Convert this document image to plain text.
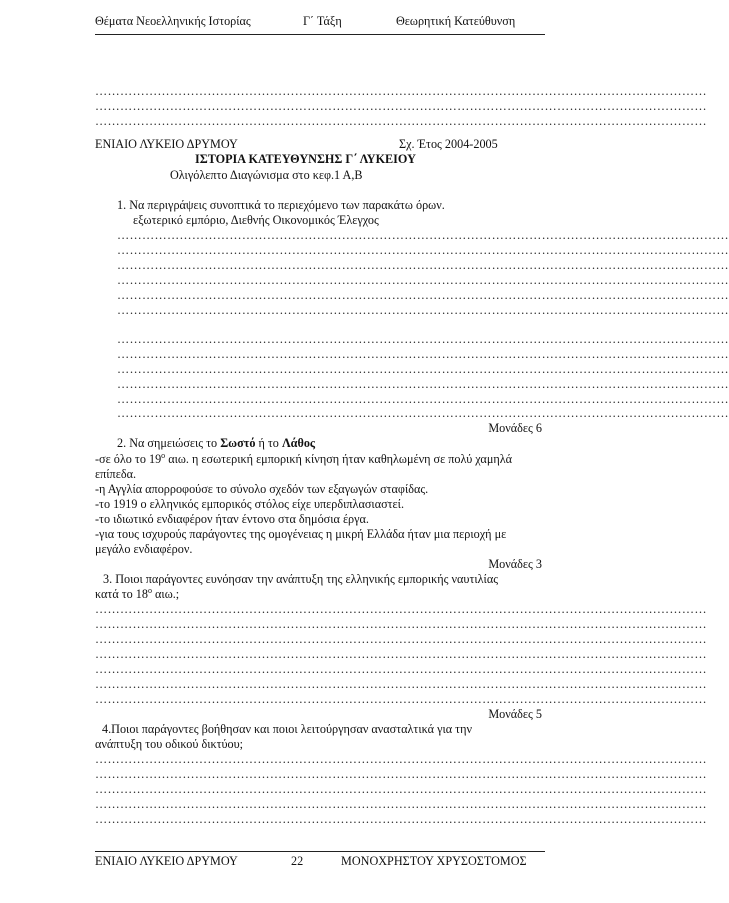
Θέματα Νεοελληνικής Ιστορίας	Γ΄ Τάξη	Θεωρητική Κατεύθυνση
…………………………………………………………………………………………………………………………………
…………………………………………………………………………………………………………………………………
…………………………………………………………………………………………………………………………………
ΕΝΙΑΙΟ ΛΥΚΕΙΟ ΔΡΥΜΟΥ	Σχ. Έτος 2004-2005
ΙΣΤΟΡΙΑ ΚΑΤΕΥΘΥΝΣΗΣ Γ΄ ΛΥΚΕΙΟΥ
Ολιγόλεπτο Διαγώνισμα στο κεφ.1 Α,Β
1. Να περιγράψεις συνοπτικά το περιεχόμενο των παρακάτω όρων.
εξωτερικό εμπόριο, Διεθνής Οικονομικός Έλεγχος
…………………………………………………………………………………………………………………………………
…………………………………………………………………………………………………………………………………
…………………………………………………………………………………………………………………………………
…………………………………………………………………………………………………………………………………
…………………………………………………………………………………………………………………………………
…………………………………………………………………………………………………………………………………
…………………………………………………………………………………………………………………………………
…………………………………………………………………………………………………………………………………
…………………………………………………………………………………………………………………………………
…………………………………………………………………………………………………………………………………
…………………………………………………………………………………………………………………………………
…………………………………………………………………………………………………………………………………
Μονάδες 6
2. Να σημειώσεις το Σωστό ή το Λάθος
-σε όλο το $19^o$ αιω. η εσωτερική εμπορική κίνηση ήταν καθηλωμένη σε πολύ χαμηλά
επίπεδα.
-η Αγγλία απορροφούσε το σύνολο σχεδόν των εξαγωγών σταφίδας.
-το 1919 ο ελληνικός εμπορικός στόλος είχε υπερδιπλασιαστεί.
-το ιδιωτικό ενδιαφέρον ήταν έντονο στα δημόσια έργα.
-για τους ισχυρούς παράγοντες της ομογένειας η μικρή Ελλάδα ήταν μια περιοχή με
μεγάλο ενδιαφέρον.
Μονάδες 3
3. Ποιοι παράγοντες ευνόησαν την ανάπτυξη της ελληνικής εμπορικής ναυτιλίας
κατά το $18^o$ αιω.;
…………………………………………………………………………………………………………………………………
…………………………………………………………………………………………………………………………………
…………………………………………………………………………………………………………………………………
…………………………………………………………………………………………………………………………………
…………………………………………………………………………………………………………………………………
…………………………………………………………………………………………………………………………………
…………………………………………………………………………………………………………………………………
Μονάδες 5
4.Ποιοι παράγοντες βοήθησαν και ποιοι λειτούργησαν ανασταλτικά για την
ανάπτυξη του οδικού δικτύου;
…………………………………………………………………………………………………………………………………
…………………………………………………………………………………………………………………………………
…………………………………………………………………………………………………………………………………
…………………………………………………………………………………………………………………………………
…………………………………………………………………………………………………………………………………
ΕΝΙΑΙΟ ΛΥΚΕΙΟ ΔΡΥΜΟΥ	22	ΜΟΝΟΧΡΗΣΤΟΥ ΧΡΥΣΟΣΤΟΜΟΣ
